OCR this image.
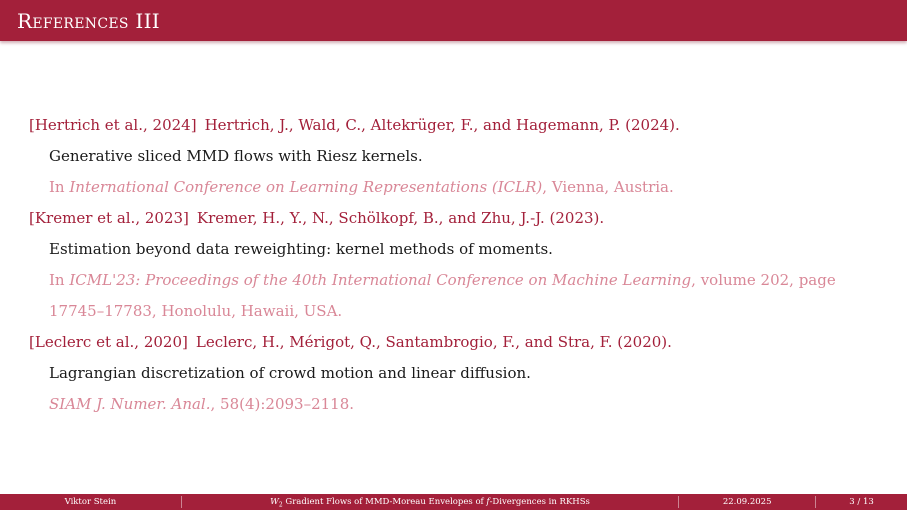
References III
[Hertrich et al., 2024] Hertrich, J., Wald, C., Altekrüger, F., and Hagemann, P. (2024).
Generative sliced MMD flows with Riesz kernels.
In International Conference on Learning Representations (ICLR), Vienna, Austria.
[Kremer et al., 2023] Kremer, H., Y., N., Schölkopf, B., and Zhu, J.-J. (2023).
Estimation beyond data reweighting: kernel methods of moments.
In ICML'23: Proceedings of the 40th International Conference on Machine Learning, volume 202, page
17745–17783, Honolulu, Hawaii, USA.
[Leclerc et al., 2020] Leclerc, H., Mérigot, Q., Santambrogio, F., and Stra, F. (2020).
Lagrangian discretization of crowd motion and linear diffusion.
SIAM J. Numer. Anal., 58(4):2093–2118.
Viktor Stein	$W_2$ Gradient Flows of MMD-Moreau Envelopes of f-Divergences in RKHSs	22.09.2025	3 / 13
